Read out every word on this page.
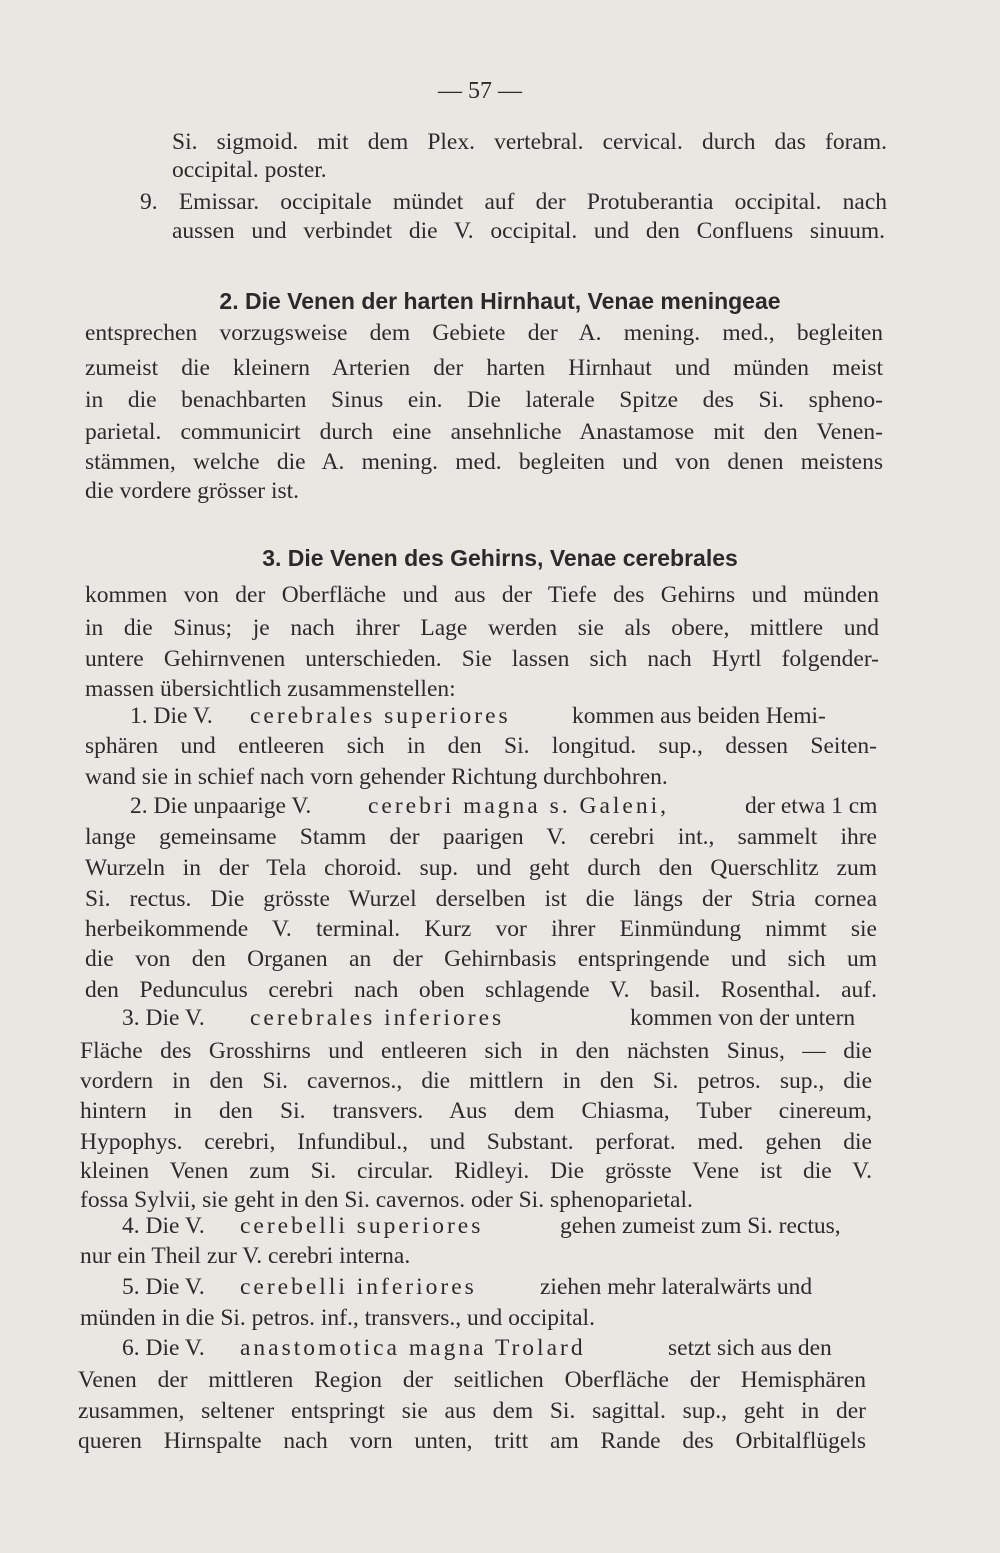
— 57 —
Si. sigmoid. mit dem Plex. vertebral. cervical. durch das foram.
occipital. poster.
9. Emissar. occipitale mündet auf der Protuberantia occipital. nach
aussen und verbindet die V. occipital. und den Confluens sinuum.
2. Die Venen der harten Hirnhaut, Venae meningeae
entsprechen vorzugsweise dem Gebiete der A. mening. med., begleiten
zumeist die kleinern Arterien der harten Hirnhaut und münden meist
in die benachbarten Sinus ein. Die laterale Spitze des Si. spheno-
parietal. communicirt durch eine ansehnliche Anastamose mit den Venen-
stämmen, welche die A. mening. med. begleiten und von denen meistens
die vordere grösser ist.
3. Die Venen des Gehirns, Venae cerebrales
kommen von der Oberfläche und aus der Tiefe des Gehirns und münden
in die Sinus; je nach ihrer Lage werden sie als obere, mittlere und
untere Gehirnvenen unterschieden. Sie lassen sich nach Hyrtl folgender-
massen übersichtlich zusammenstellen:
1. Die V.	cerebrales superiores	kommen aus beiden Hemi-
sphären und entleeren sich in den Si. longitud. sup., dessen Seiten-
wand sie in schief nach vorn gehender Richtung durchbohren.
2. Die unpaarige V.	cerebri magna s. Galeni,	der etwa 1 cm
lange gemeinsame Stamm der paarigen V. cerebri int., sammelt ihre
Wurzeln in der Tela choroid. sup. und geht durch den Querschlitz zum
Si. rectus. Die grösste Wurzel derselben ist die längs der Stria cornea
herbeikommende V. terminal. Kurz vor ihrer Einmündung nimmt sie
die von den Organen an der Gehirnbasis entspringende und sich um
den Pedunculus cerebri nach oben schlagende V. basil. Rosenthal. auf.
3. Die V.	cerebrales inferiores	kommen von der untern
Fläche des Grosshirns und entleeren sich in den nächsten Sinus, — die
vordern in den Si. cavernos., die mittlern in den Si. petros. sup., die
hintern in den Si. transvers. Aus dem Chiasma, Tuber cinereum,
Hypophys. cerebri, Infundibul., und Substant. perforat. med. gehen die
kleinen Venen zum Si. circular. Ridleyi. Die grösste Vene ist die V.
fossa Sylvii, sie geht in den Si. cavernos. oder Si. sphenoparietal.
4. Die V.	cerebelli superiores	gehen zumeist zum Si. rectus,
nur ein Theil zur V. cerebri interna.
5. Die V.	cerebelli inferiores	ziehen mehr lateralwärts und
münden in die Si. petros. inf., transvers., und occipital.
6. Die V.	anastomotica magna Trolard	setzt sich aus den
Venen der mittleren Region der seitlichen Oberfläche der Hemisphären
zusammen, seltener entspringt sie aus dem Si. sagittal. sup., geht in der
queren Hirnspalte nach vorn unten, tritt am Rande des Orbitalflügels
